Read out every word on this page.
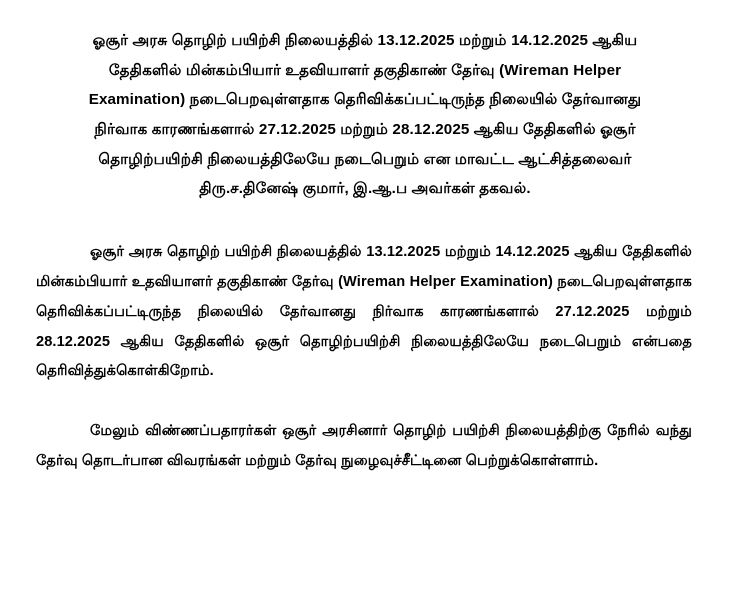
ஓசூர் அரசு தொழிற் பயிற்சி நிலையத்தில் 13.12.2025 மற்றும் 14.12.2025 ஆகிய
தேதிகளில் மின்கம்பியார் உதவியாளர் தகுதிகாண் தேர்வு (Wireman Helper
Examination) நடைபெறவுள்ளதாக தெரிவிக்கப்பட்டிருந்த நிலையில் தேர்வானது
நிர்வாக காரணங்களால் 27.12.2025 மற்றும் 28.12.2025 ஆகிய தேதிகளில் ஓசூர்
தொழிற்பயிற்சி நிலையத்திலேயே நடைபெறும் என மாவட்ட ஆட்சித்தலைவர்
திரு.ச.தினேஷ் குமார், இ.ஆ.ப அவர்கள் தகவல்.

ஓசூர் அரசு தொழிற் பயிற்சி நிலையத்தில் 13.12.2025 மற்றும் 14.12.2025 ஆகிய தேதிகளில் மின்கம்பியார் உதவியாளர் தகுதிகாண் தேர்வு (Wireman Helper Examination) நடைபெறவுள்ளதாக தெரிவிக்கப்பட்டிருந்த நிலையில் தேர்வானது நிர்வாக காரணங்களால் 27.12.2025 மற்றும் 28.12.2025 ஆகிய தேதிகளில் ஒசூர் தொழிற்பயிற்சி நிலையத்திலேயே நடைபெறும் என்பதை தெரிவித்துக்கொள்கிறோம்.

மேலும் விண்ணப்பதாரர்கள் ஒசூர் அரசினார் தொழிற் பயிற்சி நிலையத்திற்கு நேரில் வந்து தேர்வு தொடர்பான விவரங்கள் மற்றும் தேர்வு நுழைவுச்சீட்டினை பெற்றுக்கொள்ளாம்.
